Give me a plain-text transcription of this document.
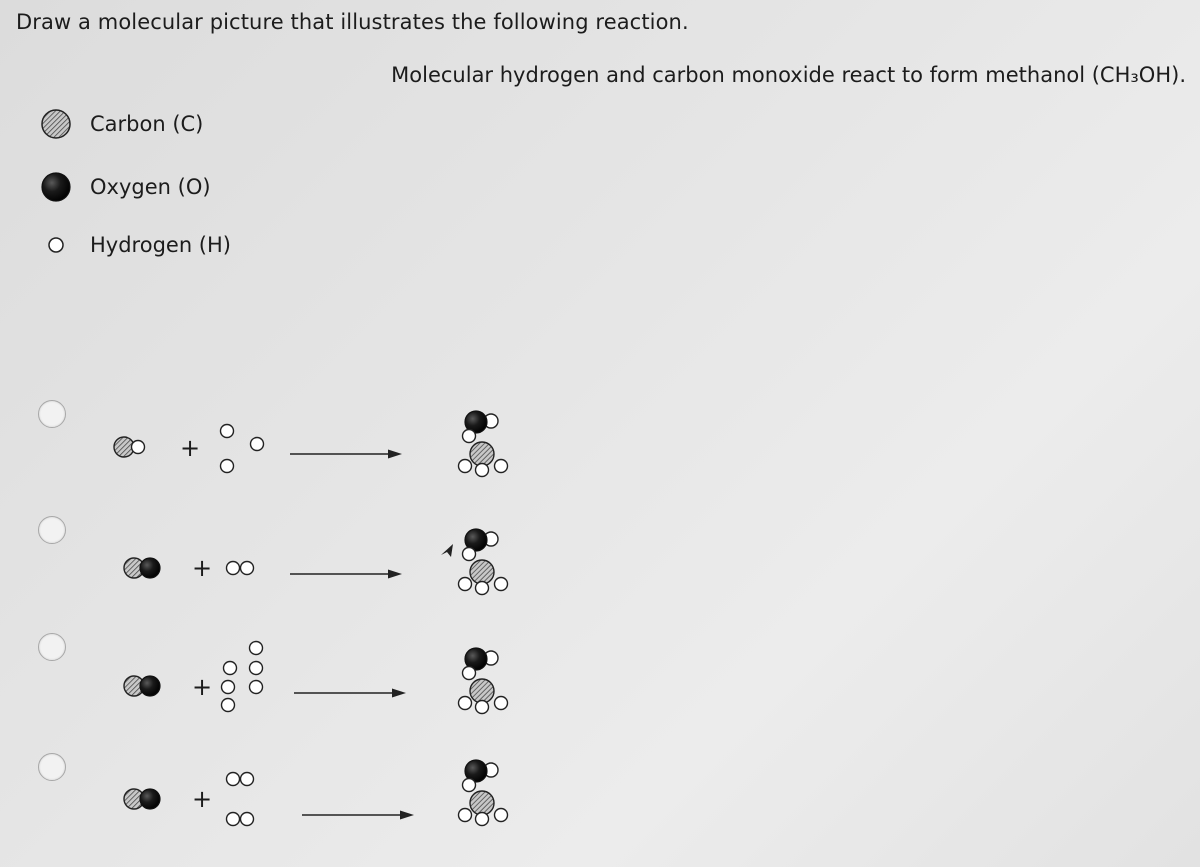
Draw a molecular picture that illustrates the following reaction.
Molecular hydrogen and carbon monoxide react to form methanol (CH₃OH).
Carbon (C)
Oxygen (O)
Hydrogen (H)
+
+
+
+
